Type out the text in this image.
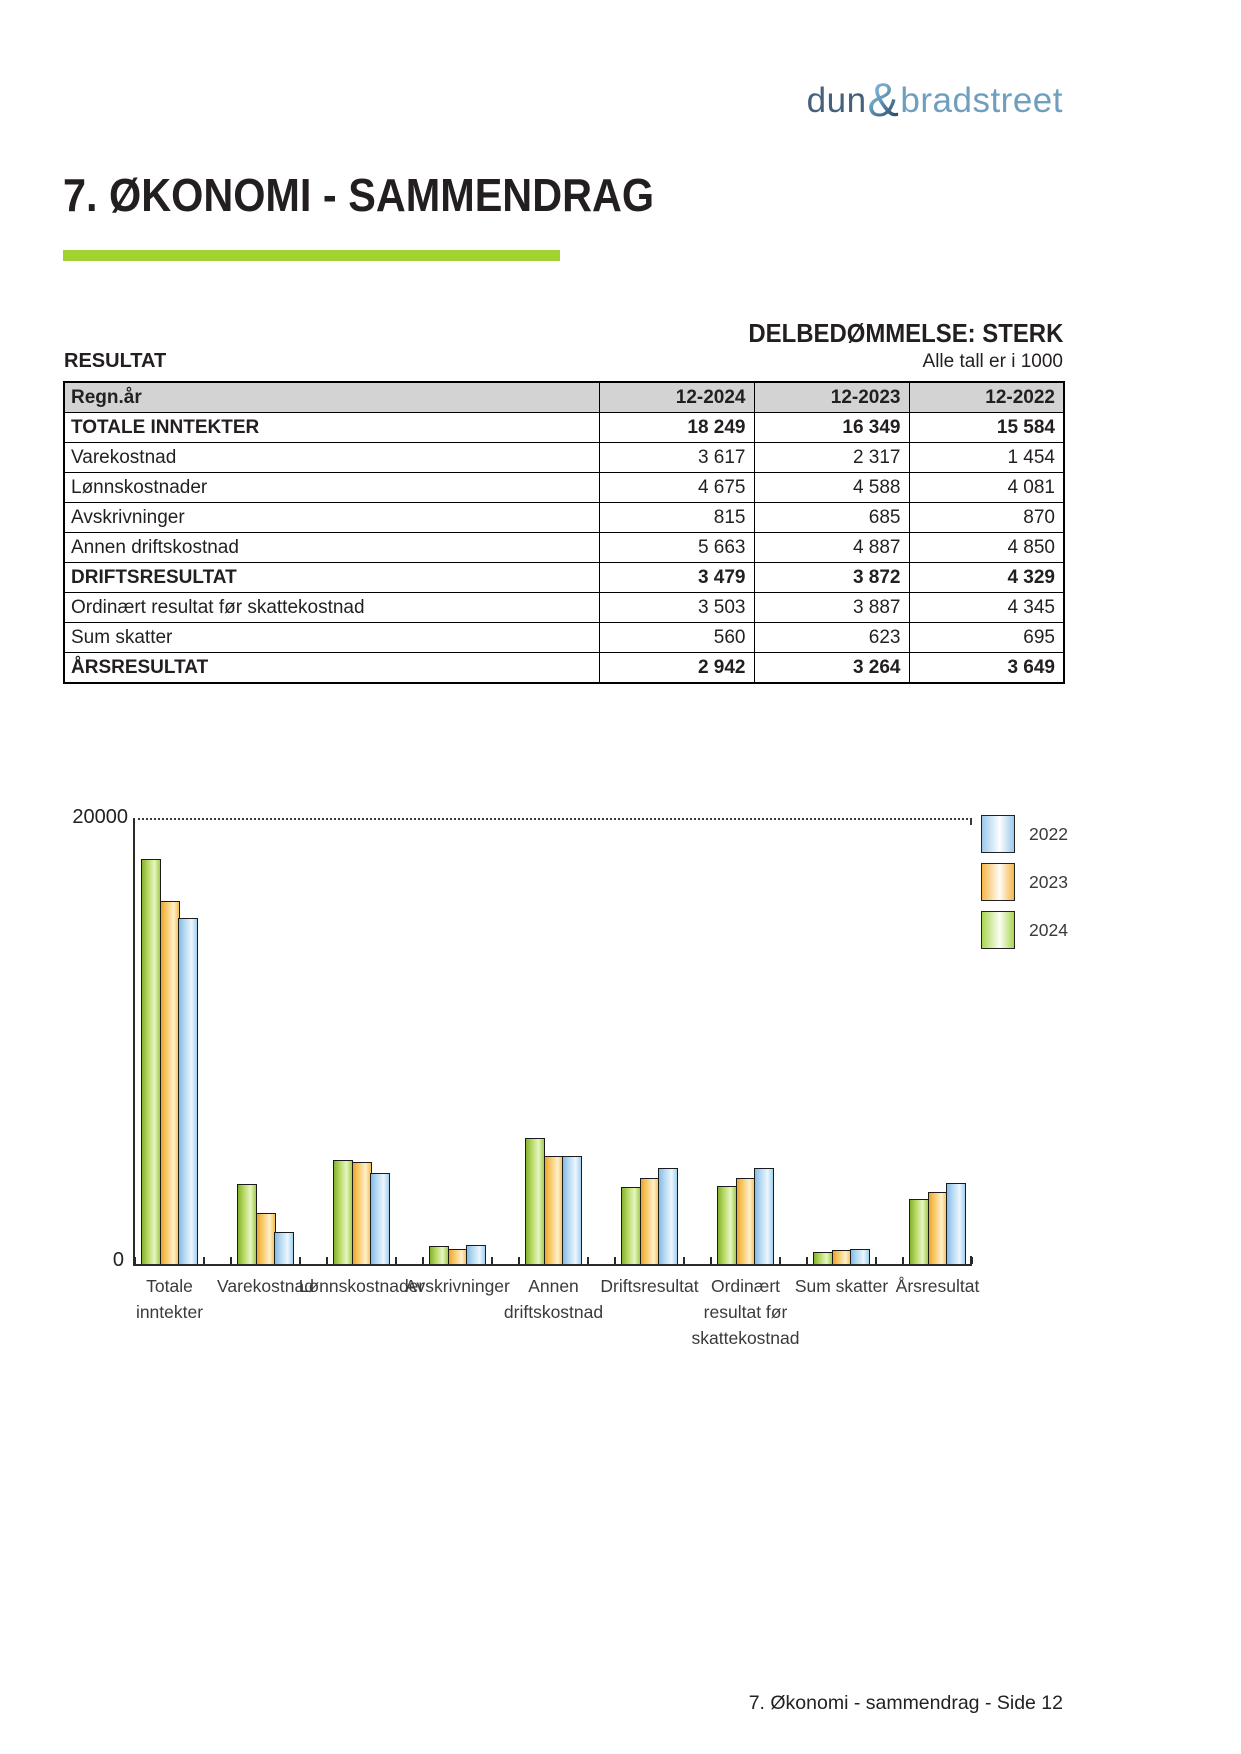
dun&bradstreet
7. ØKONOMI - SAMMENDRAG
DELBEDØMMELSE: STERK
RESULTAT	Alle tall er i 1000
Regn.år	12-2024	12-2023	12-2022
TOTALE INNTEKTER	18 249	16 349	15 584
Varekostnad	3 617	2 317	1 454
Lønnskostnader	4 675	4 588	4 081
Avskrivninger	815	685	870
Annen driftskostnad	5 663	4 887	4 850
DRIFTSRESULTAT	3 479	3 872	4 329
Ordinært resultat før skattekostnad	3 503	3 887	4 345
Sum skatter	560	623	695
ÅRSRESULTAT	2 942	3 264	3 649
20000
0
Totale
inntekter
Varekostnad
Lønnskostnader
Avskrivninger	Annen
driftskostnad
Driftsresultat Ordinært
resultat før
skattekostnad
Sum skatter Årsresultat
2022
2023
2024
7. Økonomi - sammendrag - Side 12
